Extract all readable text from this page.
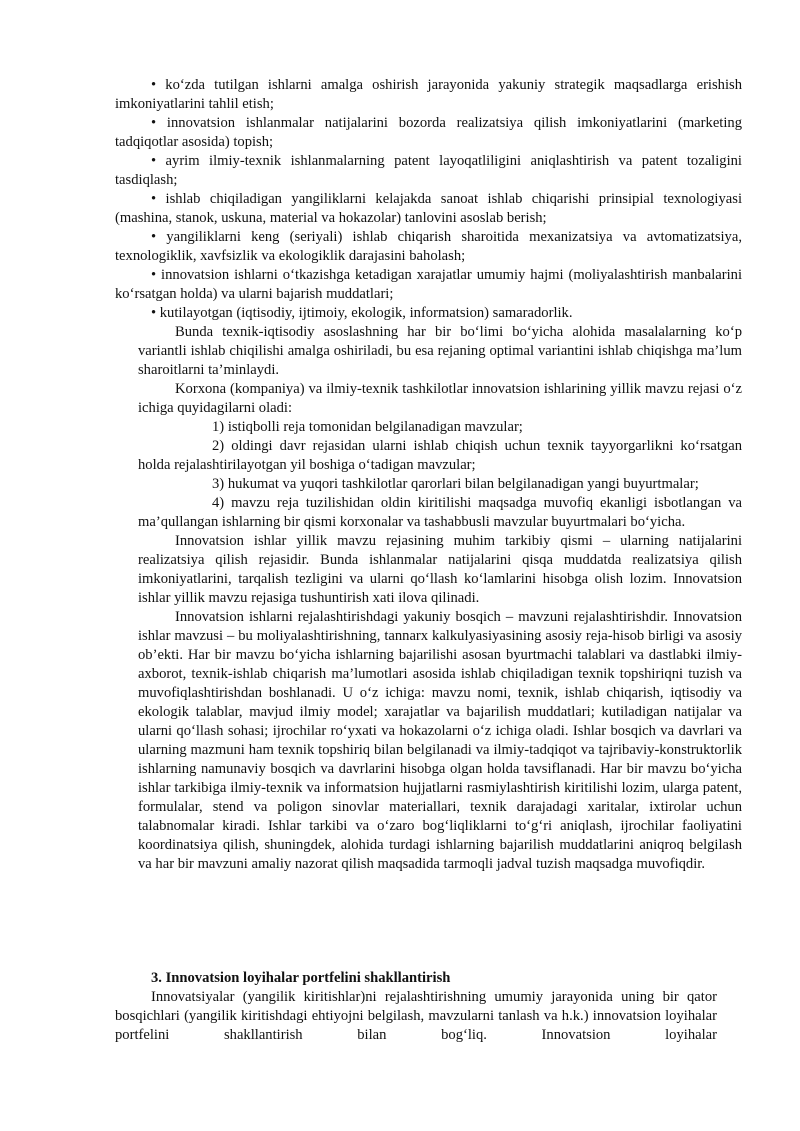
• ko‘zda tutilgan ishlarni amalga oshirish jarayonida yakuniy strategik maqsadlarga erishish imkoniyatlarini tahlil etish;

• innovatsion ishlanmalar natijalarini bozorda realizatsiya qilish imkoniyatlarini (marketing tadqiqotlar asosida) topish;

• ayrim ilmiy-texnik ishlanmalarning patent layoqatliligini aniqlashtirish va patent tozaligini tasdiqlash;

• ishlab chiqiladigan yangiliklarni kelajakda sanoat ishlab chiqarishi prinsipial texnologiyasi (mashina, stanok, uskuna, material va hokazolar) tanlovini asoslab berish;

• yangiliklarni keng (seriyali) ishlab chiqarish sharoitida mexanizatsiya va avtomatizatsiya, texnologiklik, xavfsizlik va ekologiklik darajasini baholash;

• innovatsion ishlarni o‘tkazishga ketadigan xarajatlar umumiy hajmi (moliyalashtirish manbalarini ko‘rsatgan holda) va ularni bajarish muddatlari;

• kutilayotgan (iqtisodiy, ijtimoiy, ekologik, informatsion) samaradorlik.

Bunda texnik-iqtisodiy asoslashning har bir bo‘limi bo‘yicha alohida masalalarning ko‘p variantli ishlab chiqilishi amalga oshiriladi, bu esa rejaning optimal variantini ishlab chiqishga ma’lum sharoitlarni ta’minlaydi.

Korxona (kompaniya) va ilmiy-texnik tashkilotlar innovatsion ishlarining yillik mavzu rejasi o‘z ichiga quyidagilarni oladi:

1) istiqbolli reja tomonidan belgilanadigan mavzular;

2) oldingi davr rejasidan ularni ishlab chiqish uchun texnik tayyorgarlikni ko‘rsatgan holda rejalashtirilayotgan yil boshiga o‘tadigan mavzular;

3) hukumat va yuqori tashkilotlar qarorlari bilan belgilanadigan yangi buyurtmalar;

4) mavzu reja tuzilishidan oldin kiritilishi maqsadga muvofiq ekanligi isbotlangan va ma’qullangan ishlarning bir qismi korxonalar va tashabbusli mavzular buyurtmalari bo‘yicha.

Innovatsion ishlar yillik mavzu rejasining muhim tarkibiy qismi – ularning natijalarini realizatsiya qilish rejasidir. Bunda ishlanmalar natijalarini qisqa muddatda realizatsiya qilish imkoniyatlarini, tarqalish tezligini va ularni qo‘llash ko‘lamlarini hisobga olish lozim. Innovatsion ishlar yillik mavzu rejasiga tushuntirish xati ilova qilinadi.

Innovatsion ishlarni rejalashtirishdagi yakuniy bosqich – mavzuni rejalashtirishdir. Innovatsion ishlar mavzusi – bu moliyalashtirishning, tannarx kalkulyasiyasining asosiy reja-hisob birligi va asosiy ob’ekti. Har bir mavzu bo‘yicha ishlarning bajarilishi asosan byurtmachi talablari va dastlabki ilmiy-axborot, texnik-ishlab chiqarish ma’lumotlari asosida ishlab chiqiladigan texnik topshiriqni tuzish va muvofiqlashtirishdan boshlanadi. U o‘z ichiga: mavzu nomi, texnik, ishlab chiqarish, iqtisodiy va ekologik talablar, mavjud ilmiy model; xarajatlar va bajarilish muddatlari; kutiladigan natijalar va ularni qo‘llash sohasi; ijrochilar ro‘yxati va hokazolarni o‘z ichiga oladi. Ishlar bosqich va davrlari va ularning mazmuni ham texnik topshiriq bilan belgilanadi va ilmiy-tadqiqot va tajribaviy-konstruktorlik ishlarning namunaviy bosqich va davrlarini hisobga olgan holda tavsiflanadi. Har bir mavzu bo‘yicha ishlar tarkibiga ilmiy-texnik va informatsion hujjatlarni rasmiylashtirish kiritilishi lozim, ularga patent, formulalar, stend va poligon sinovlar materiallari, texnik darajadagi xaritalar, ixtirolar uchun talabnomalar kiradi. Ishlar tarkibi va o‘zaro bog‘liqliklarni to‘g‘ri aniqlash, ijrochilar faoliyatini koordinatsiya qilish, shuningdek, alohida turdagi ishlarning bajarilish muddatlarini aniqroq belgilash va har bir mavzuni amaliy nazorat qilish maqsadida tarmoqli jadval tuzish maqsadga muvofiqdir.

3. Innovatsion loyihalar portfelini shakllantirish

Innovatsiyalar (yangilik kiritishlar)ni rejalashtirishning umumiy jarayonida uning bir qator bosqichlari (yangilik kiritishdagi ehtiyojni belgilash, mavzularni tanlash va h.k.) innovatsion loyihalar portfelini shakllantirish bilan bog‘liq. Innovatsion loyihalar
